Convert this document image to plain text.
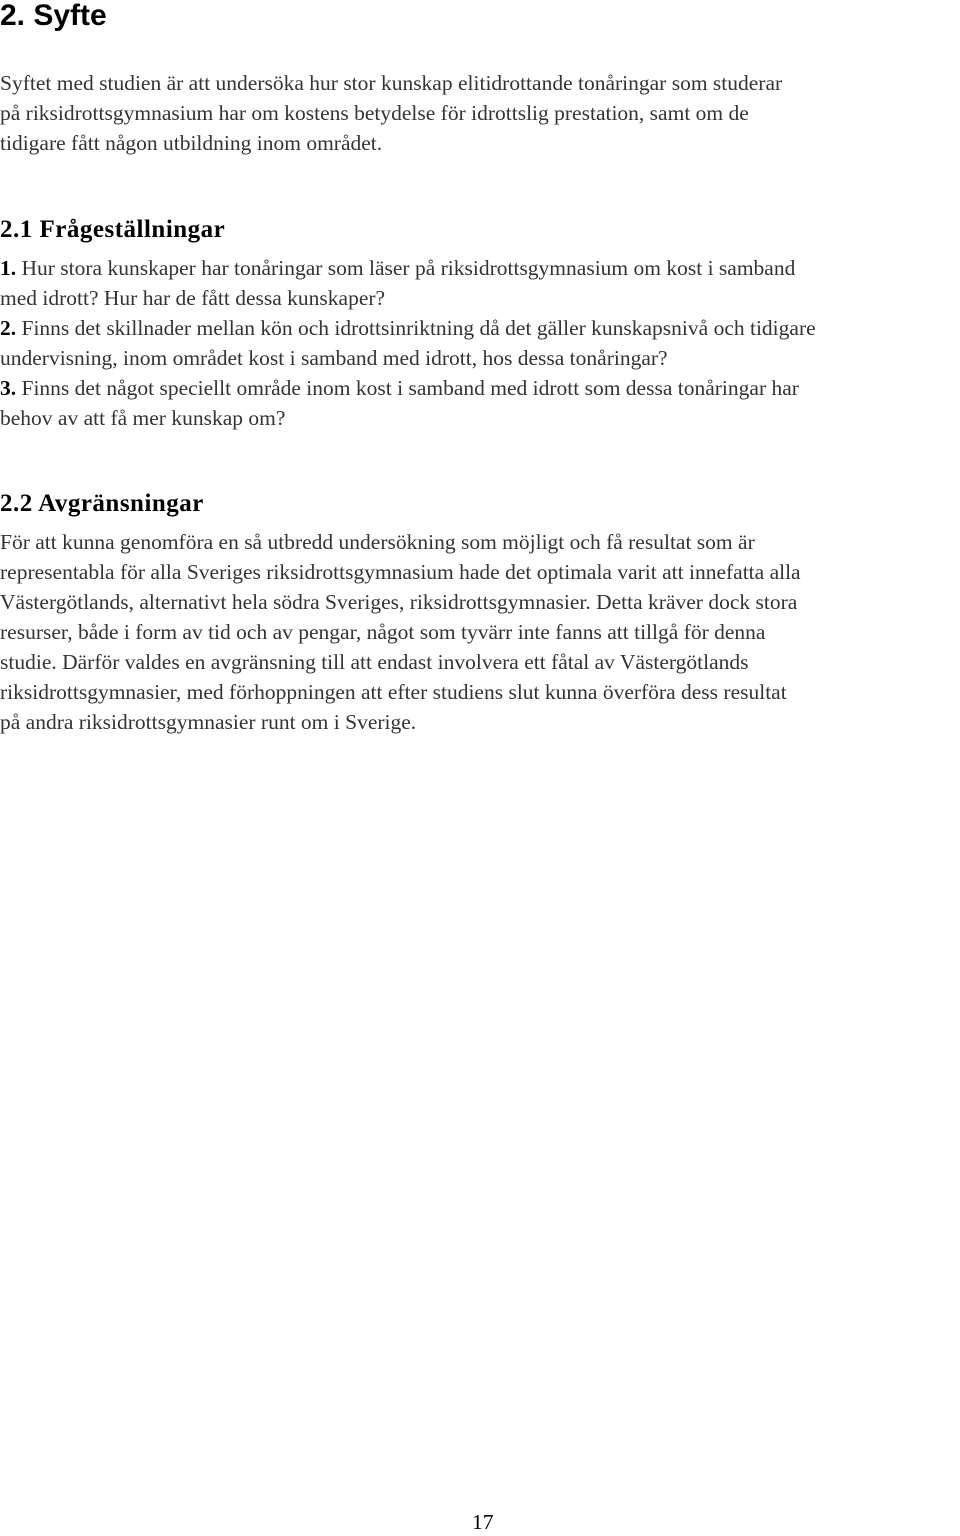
2. Syfte
Syftet med studien är att undersöka hur stor kunskap elitidrottande tonåringar som studerar
på riksidrottsgymnasium har om kostens betydelse för idrottslig prestation, samt om de
tidigare fått någon utbildning inom området.
2.1 Frågeställningar
1. Hur stora kunskaper har tonåringar som läser på riksidrottsgymnasium om kost i samband
med idrott? Hur har de fått dessa kunskaper?
2. Finns det skillnader mellan kön och idrottsinriktning då det gäller kunskapsnivå och tidigare
undervisning, inom området kost i samband med idrott, hos dessa tonåringar?
3. Finns det något speciellt område inom kost i samband med idrott som dessa tonåringar har
behov av att få mer kunskap om?
2.2 Avgränsningar
För att kunna genomföra en så utbredd undersökning som möjligt och få resultat som är
representabla för alla Sveriges riksidrottsgymnasium hade det optimala varit att innefatta alla
Västergötlands, alternativt hela södra Sveriges, riksidrottsgymnasier. Detta kräver dock stora
resurser, både i form av tid och av pengar, något som tyvärr inte fanns att tillgå för denna
studie. Därför valdes en avgränsning till att endast involvera ett fåtal av Västergötlands
riksidrottsgymnasier, med förhoppningen att efter studiens slut kunna överföra dess resultat
på andra riksidrottsgymnasier runt om i Sverige.
17
